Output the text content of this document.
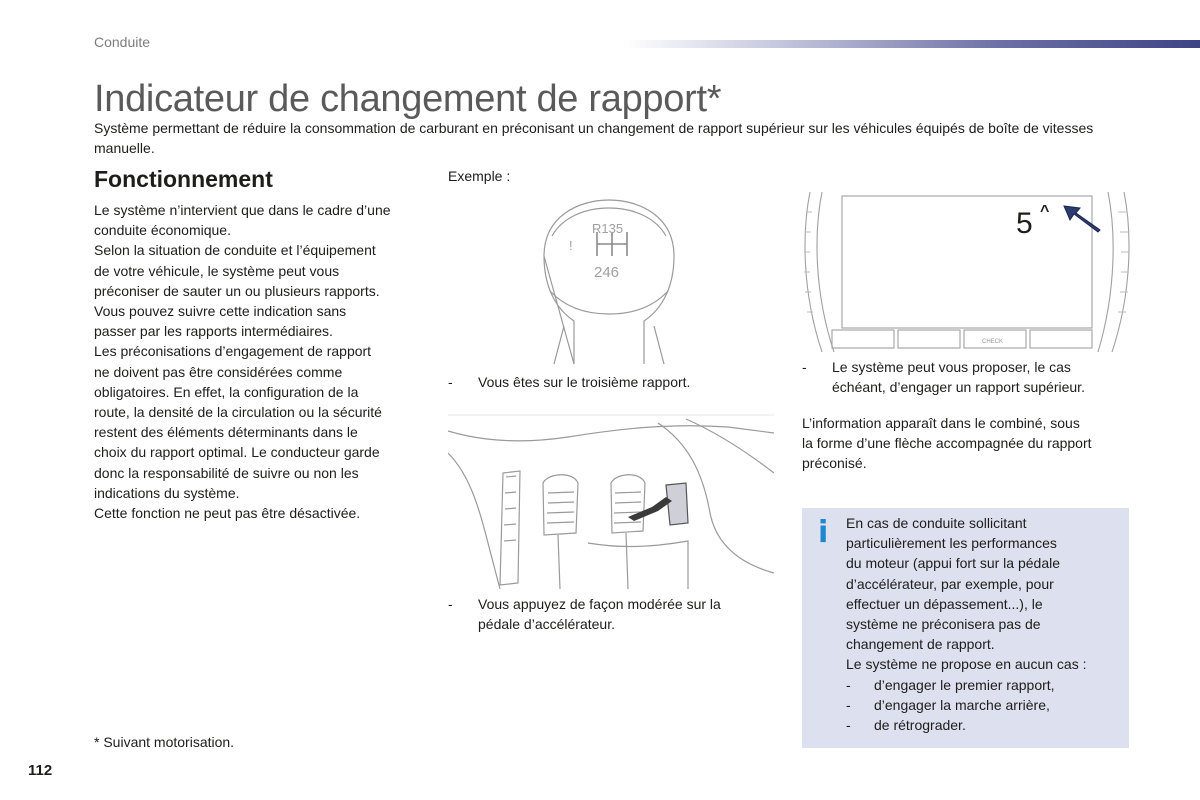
Conduite
Indicateur de changement de rapport*
Système permettant de réduire la consommation de carburant en préconisant un changement de rapport supérieur sur les véhicules équipés de boîte de vitesses manuelle.
Fonctionnement
Le système n’intervient que dans le cadre d’une
conduite économique.
Selon la situation de conduite et l’équipement
de votre véhicule, le système peut vous
préconiser de sauter un ou plusieurs rapports.
Vous pouvez suivre cette indication sans
passer par les rapports intermédiaires.
Les préconisations d’engagement de rapport
ne doivent pas être considérées comme
obligatoires. En effet, la configuration de la
route, la densité de la circulation ou la sécurité
restent des éléments déterminants dans le
choix du rapport optimal. Le conducteur garde
donc la responsabilité de suivre ou non les
indications du système.
Cette fonction ne peut pas être désactivée.
Exemple :
R135
246
!
- Vous êtes sur le troisième rapport.
- Vous appuyez de façon modérée sur la
pédale d’accélérateur.
5 ^
CHECK
- Le système peut vous proposer, le cas
échéant, d’engager un rapport supérieur.
L’information apparaît dans le combiné, sous
la forme d’une flèche accompagnée du rapport
préconisé.
i En cas de conduite sollicitant
particulièrement les performances
du moteur (appui fort sur la pédale
d’accélérateur, par exemple, pour
effectuer un dépassement...), le
système ne préconisera pas de
changement de rapport.
Le système ne propose en aucun cas :
- d’engager le premier rapport,
- d’engager la marche arrière,
- de rétrograder.
* Suivant motorisation.
112
